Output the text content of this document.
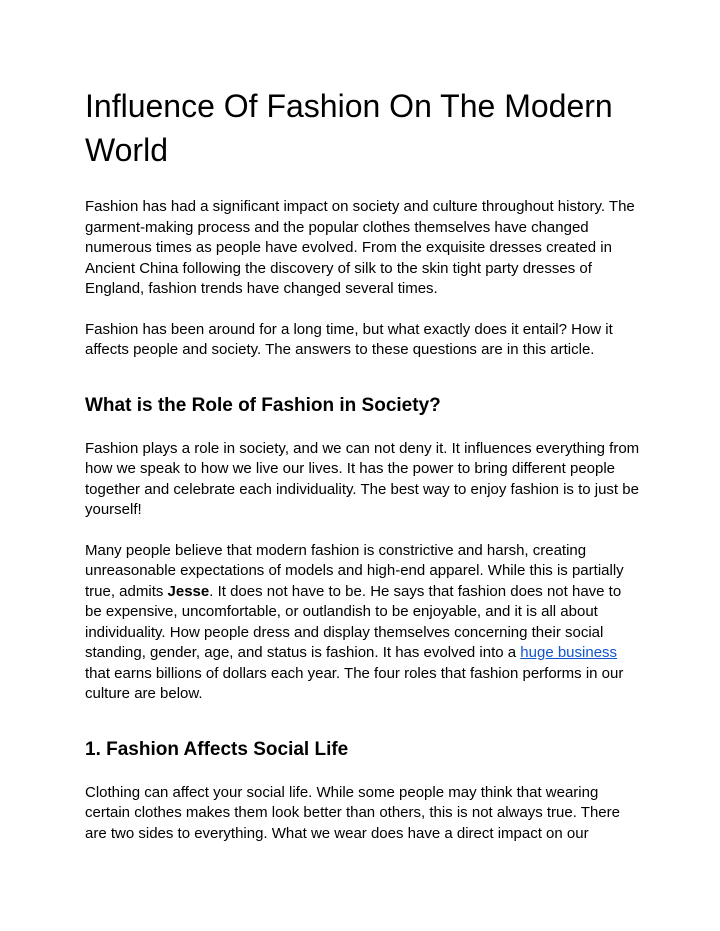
Influence Of Fashion On The Modern World

Fashion has had a significant impact on society and culture throughout history. The garment-making process and the popular clothes themselves have changed numerous times as people have evolved. From the exquisite dresses created in Ancient China following the discovery of silk to the skin tight party dresses of England, fashion trends have changed several times.

Fashion has been around for a long time, but what exactly does it entail? How it affects people and society. The answers to these questions are in this article.

What is the Role of Fashion in Society?

Fashion plays a role in society, and we can not deny it. It influences everything from how we speak to how we live our lives. It has the power to bring different people together and celebrate each individuality. The best way to enjoy fashion is to just be yourself!

Many people believe that modern fashion is constrictive and harsh, creating unreasonable expectations of models and high-end apparel. While this is partially true, admits Jesse. It does not have to be. He says that fashion does not have to be expensive, uncomfortable, or outlandish to be enjoyable, and it is all about individuality. How people dress and display themselves concerning their social standing, gender, age, and status is fashion. It has evolved into a huge business that earns billions of dollars each year. The four roles that fashion performs in our culture are below.

1. Fashion Affects Social Life

Clothing can affect your social life. While some people may think that wearing certain clothes makes them look better than others, this is not always true. There are two sides to everything. What we wear does have a direct impact on our
